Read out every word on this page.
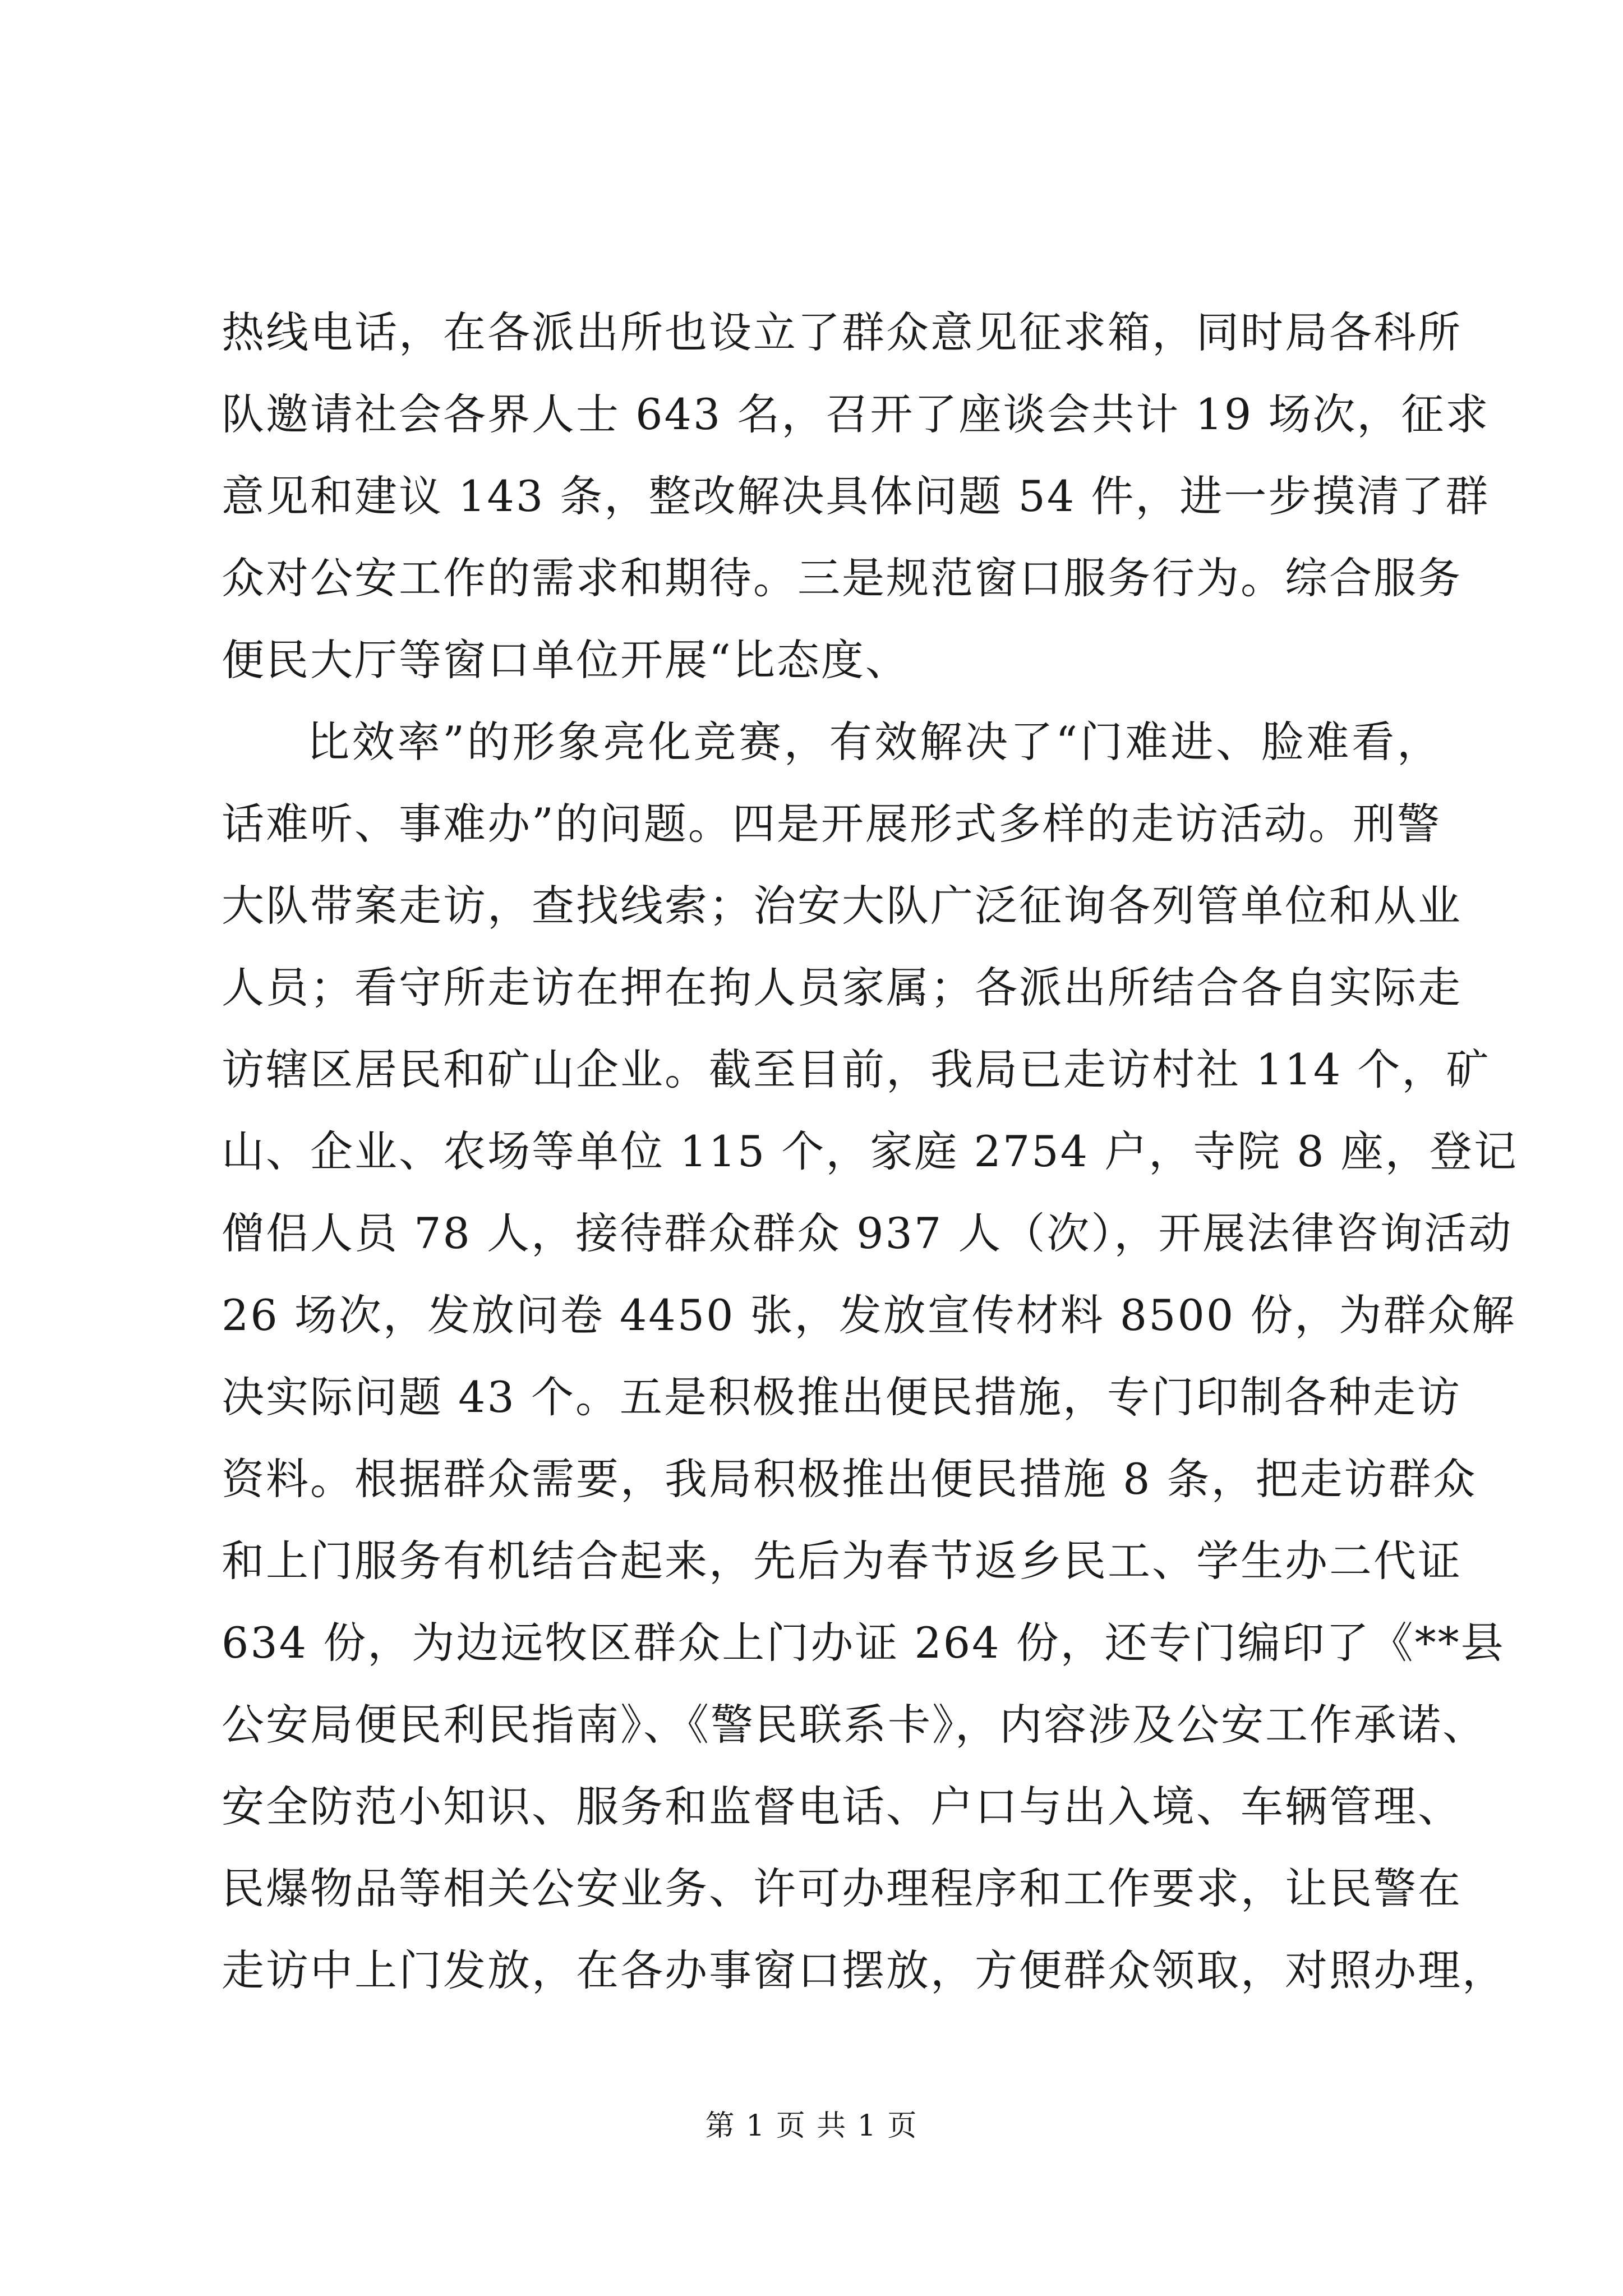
热线电话，在各派出所也设立了群众意见征求箱，同时局各科所
队邀请社会各界人士 643 名，召开了座谈会共计 19 场次，征求
意见和建议 143 条，整改解决具体问题 54 件，进一步摸清了群
众对公安工作的需求和期待。三是规范窗口服务行为。综合服务
便民大厅等窗口单位开展“比态度、
比效率”的形象亮化竞赛，有效解决了“门难进、脸难看，
话难听、事难办”的问题。四是开展形式多样的走访活动。刑警
大队带案走访，查找线索；治安大队广泛征询各列管单位和从业
人员；看守所走访在押在拘人员家属；各派出所结合各自实际走
访辖区居民和矿山企业。截至目前，我局已走访村社 114 个，矿
山、企业、农场等单位 115 个，家庭 2754 户，寺院 8 座，登记
僧侣人员 78 人，接待群众群众 937 人（次），开展法律咨询活动
26 场次，发放问卷 4450 张，发放宣传材料 8500 份，为群众解
决实际问题 43 个。五是积极推出便民措施，专门印制各种走访
资料。根据群众需要，我局积极推出便民措施 8 条，把走访群众
和上门服务有机结合起来，先后为春节返乡民工、学生办二代证
634 份，为边远牧区群众上门办证 264 份，还专门编印了《**县
公安局便民利民指南》、《警民联系卡》，内容涉及公安工作承诺、
安全防范小知识、服务和监督电话、户口与出入境、车辆管理、
民爆物品等相关公安业务、许可办理程序和工作要求，让民警在
走访中上门发放，在各办事窗口摆放，方便群众领取，对照办理，
第 1 页 共 1 页
